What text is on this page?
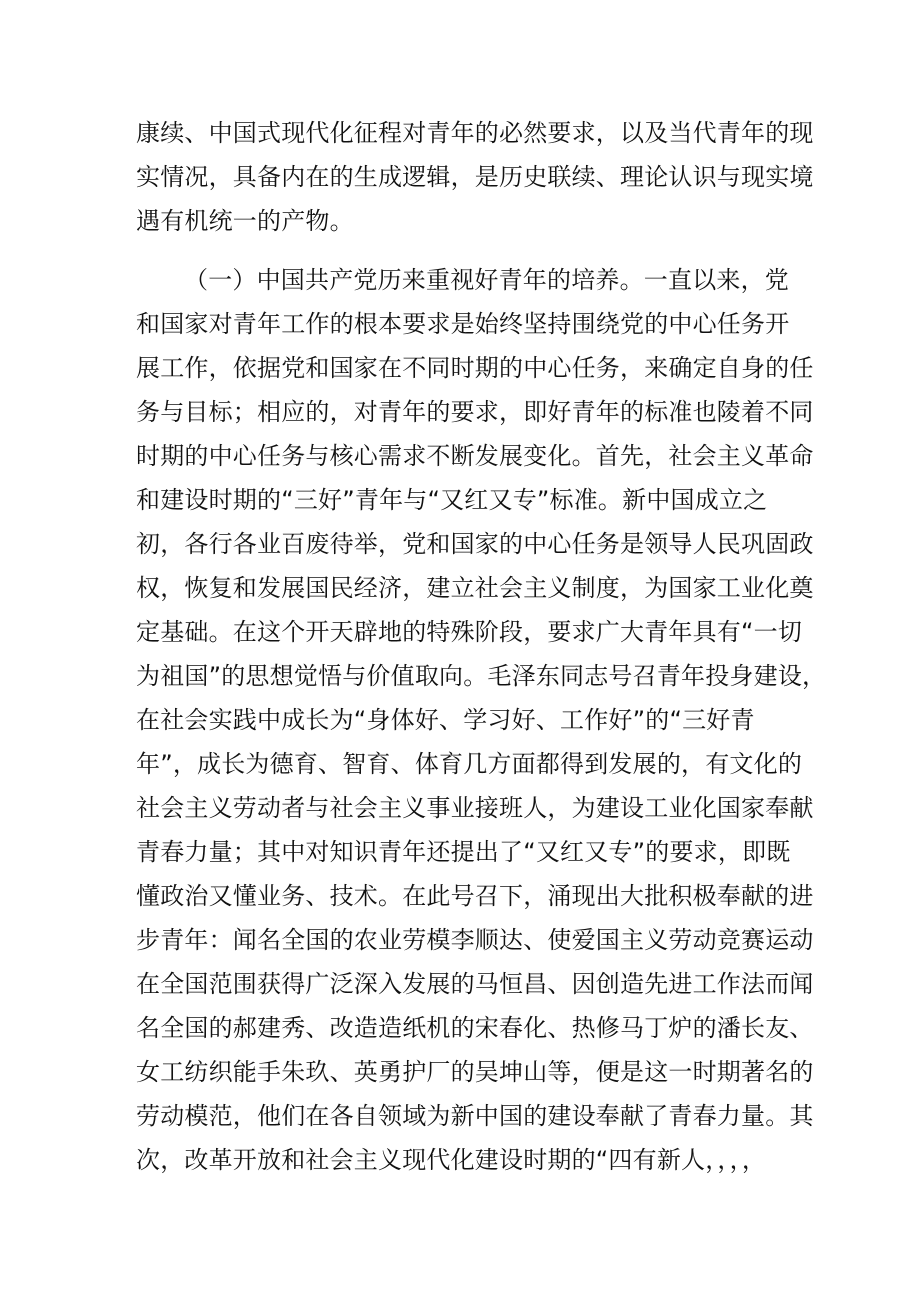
康续、中国式现代化征程对青年的必然要求，以及当代青年的现
实情况，具备内在的生成逻辑，是历史联续、理论认识与现实境
遇有机统一的产物。
（一）中国共产党历来重视好青年的培养。一直以来，党
和国家对青年工作的根本要求是始终坚持围绕党的中心任务开
展工作，依据党和国家在不同时期的中心任务，来确定自身的任
务与目标；相应的，对青年的要求，即好青年的标准也陵着不同
时期的中心任务与核心需求不断发展变化。首先，社会主义革命
和建设时期的“三好”青年与“又红又专”标准。新中国成立之
初，各行各业百废待举，党和国家的中心任务是领导人民巩固政
权，恢复和发展国民经济，建立社会主义制度，为国家工业化奠
定基础。在这个开天辟地的特殊阶段，要求广大青年具有“一切
为祖国”的思想觉悟与价值取向。毛泽东同志号召青年投身建设，
在社会实践中成长为“身体好、学习好、工作好”的“三好青
年”，成长为德育、智育、体育几方面都得到发展的，有文化的
社会主义劳动者与社会主义事业接班人，为建设工业化国家奉献
青春力量；其中对知识青年还提出了“又红又专”的要求，即既
懂政治又懂业务、技术。在此号召下，涌现出大批积极奉献的进
步青年：闻名全国的农业劳模李顺达、使爱国主义劳动竞赛运动
在全国范围获得广泛深入发展的马恒昌、因创造先进工作法而闻
名全国的郝建秀、改造造纸机的宋春化、热修马丁炉的潘长友、
女工纺织能手朱玖、英勇护厂的吴坤山等，便是这一时期著名的
劳动模范，他们在各自领域为新中国的建设奉献了青春力量。其
次，改革开放和社会主义现代化建设时期的“四有新人，，，，
